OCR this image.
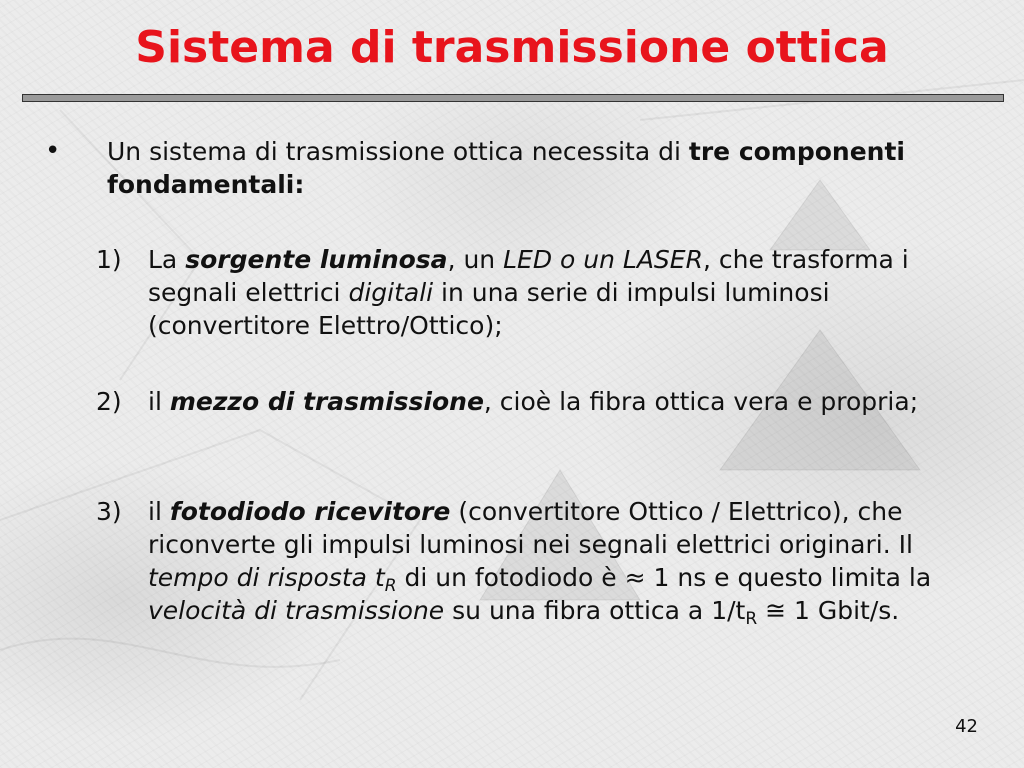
Sistema di trasmissione ottica
• Un sistema di trasmissione ottica necessita di tre componenti fondamentali:
1) La sorgente luminosa, un LED o un LASER, che trasforma i segnali elettrici digitali in una serie di impulsi luminosi (convertitore Elettro/Ottico);
2) il mezzo di trasmissione, cioè la fibra ottica vera e propria;
3) il fotodiodo ricevitore (convertitore Ottico / Elettrico), che riconverte gli impulsi luminosi nei segnali elettrici originari. Il tempo di risposta $t_R$ di un fotodiodo è ≈ 1 ns e questo limita la velocità di trasmissione su una fibra ottica a $1/t_R$ ≅ 1 Gbit/s.
42
